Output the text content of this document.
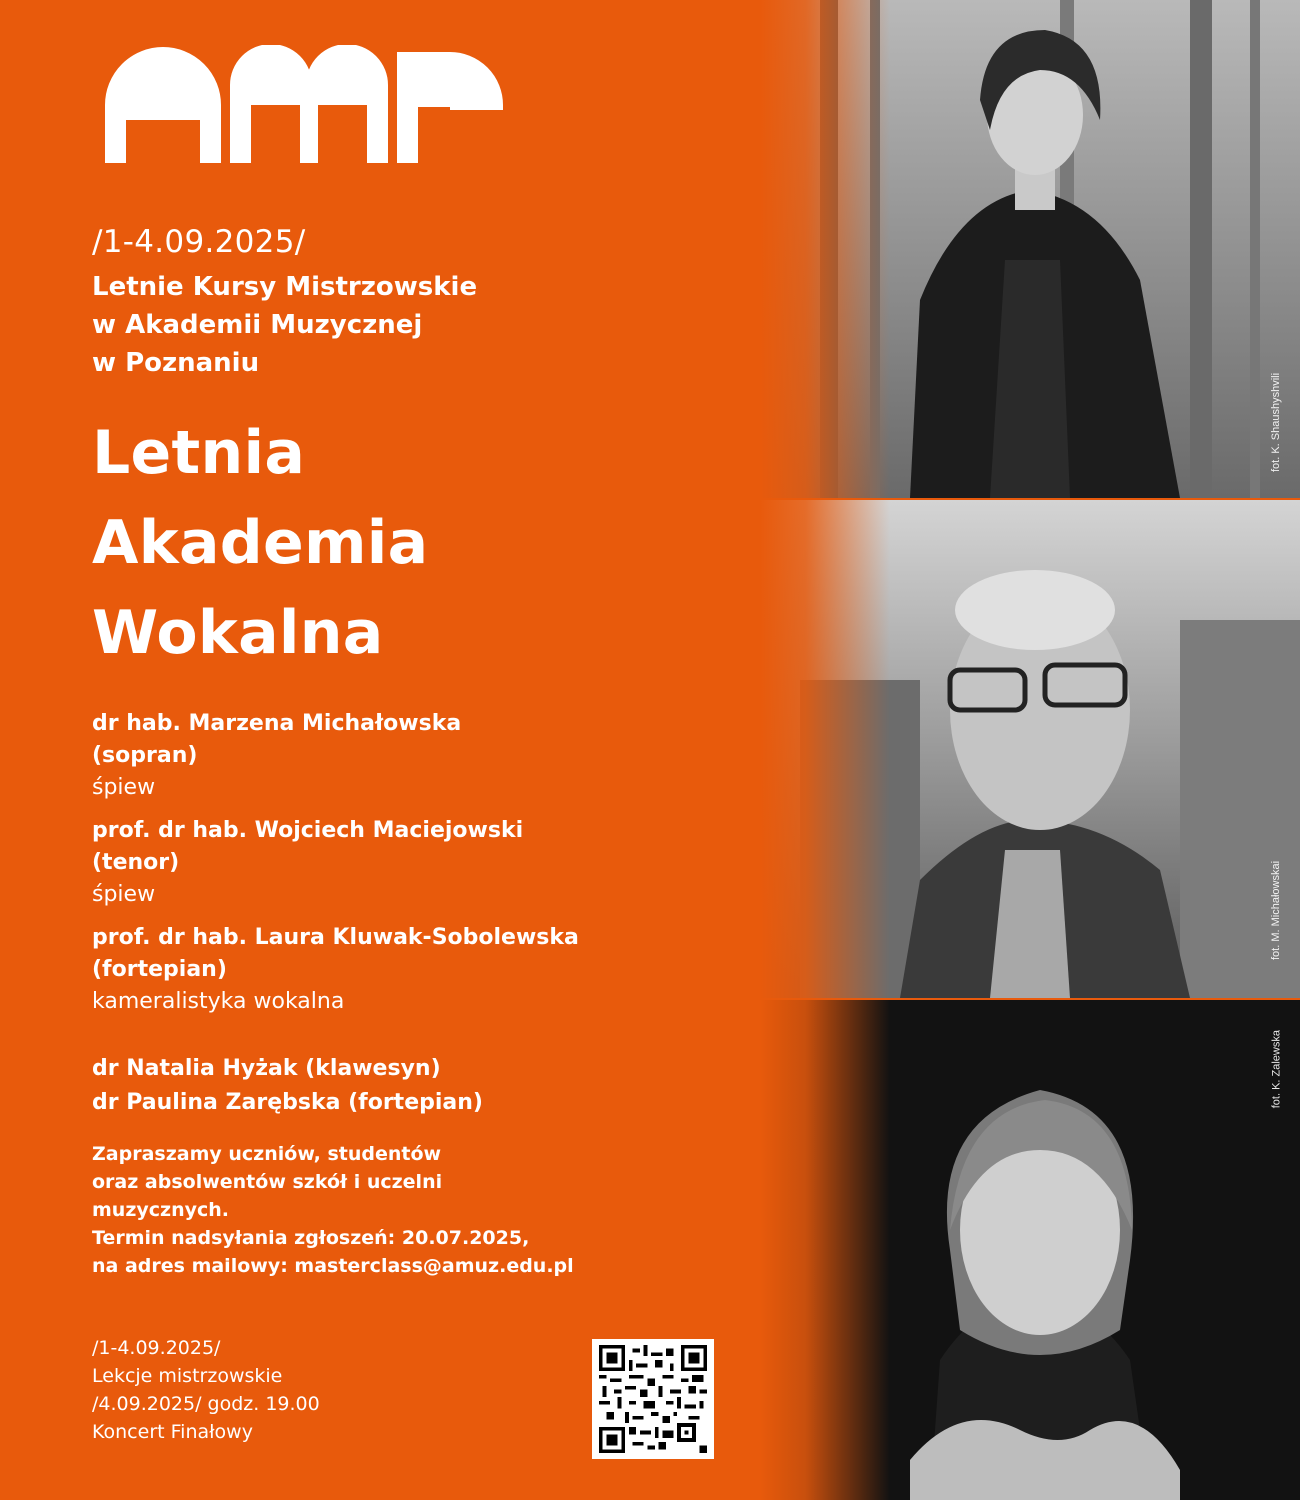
fot. K. Shaushyshvili
fot. M. Michałowskai
fot. K. Zalewska
/1-4.09.2025/
Letnie Kursy Mistrzowskie
w Akademii Muzycznej
w Poznaniu
Letnia
Akademia
Wokalna
dr hab. Marzena Michałowska
(sopran)
śpiew
prof. dr hab. Wojciech Maciejowski
(tenor)
śpiew
prof. dr hab. Laura Kluwak-Sobolewska
(fortepian)
kameralistyka wokalna
dr Natalia Hyżak (klawesyn)
dr Paulina Zarębska (fortepian)
Zapraszamy uczniów, studentów
oraz absolwentów szkół i uczelni
muzycznych.
Termin nadsyłania zgłoszeń: 20.07.2025,
na adres mailowy: masterclass@amuz.edu.pl
/1-4.09.2025/
Lekcje mistrzowskie
/4.09.2025/ godz. 19.00
Koncert Finałowy
